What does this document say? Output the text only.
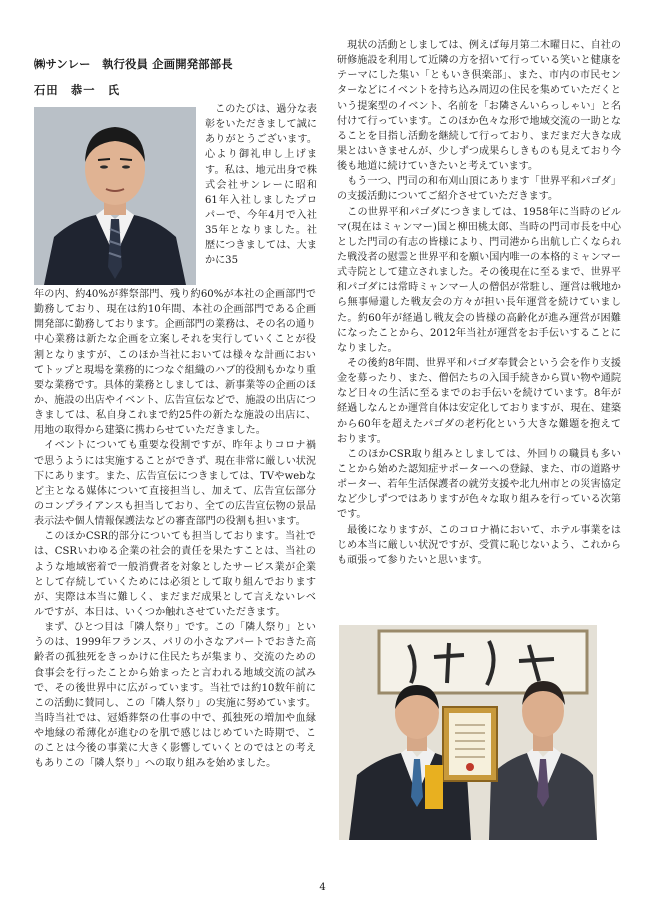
㈱サンレー　執行役員 企画開発部部長
石田　恭一　氏

このたびは、過分な表彰をいただきまして誠にありがとうございます。心より御礼申し上げます。私は、地元出身で株式会社サンレーに昭和61年入社しましたプロパーで、今年4月で入社35年となりました。社歴につきましては、大まかに35

年の内、約40%が葬祭部門、残り約60%が本社の企画部門で勤務しており、現在は約10年間、本社の企画部門である企画開発部に勤務しております。企画部門の業務は、その名の通り中心業務は新たな企画を立案しそれを実行していくことが役割となりますが、このほか当社においては様々な計画においてトップと現場を業務的につなぐ組織のハブ的役割もかなり重要な業務です。具体的業務としましては、新事業等の企画のほか、施設の出店やイベント、広告宣伝などで、施設の出店につきましては、私自身これまで約25件の新たな施設の出店に、用地の取得から建築に携わらせていただきました。

イベントについても重要な役割ですが、昨年よりコロナ禍で思うようには実施することができず、現在非常に厳しい状況下にあります。また、広告宣伝につきましては、TVやwebなど主となる媒体について直接担当し、加えて、広告宣伝部分のコンプライアンスも担当しており、全ての広告宣伝物の景品表示法や個人情報保護法などの審査部門の役割も担います。

このほかCSR的部分についても担当しております。当社では、CSRいわゆる企業の社会的責任を果たすことは、当社のような地域密着で一般消費者を対象としたサービス業が企業として存続していくためには必須として取り組んでおりますが、実際は本当に難しく、まだまだ成果として言えないレベルですが、本日は、いくつか触れさせていただきます。

まず、ひとつ目は「隣人祭り」です。この「隣人祭り」というのは、1999年フランス、パリの小さなアパートでおきた高齢者の孤独死をきっかけに住民たちが集まり、交流のための食事会を行ったことから始まったと言われる地域交流の試みで、その後世界中に広がっています。当社では約10数年前にこの活動に賛同し、この「隣人祭り」の実施に努めています。当時当社では、冠婚葬祭の仕事の中で、孤独死の増加や血縁や地縁の希薄化が進むのを肌で感じはじめていた時期で、このことは今後の事業に大きく影響していくとのではとの考えもありこの「隣人祭り」への取り組みを始めました。

現状の活動としましては、例えば毎月第二木曜日に、自社の研修施設を利用して近隣の方を招いて行っている笑いと健康をテーマにした集い「ともいき倶楽部」、また、市内の市民センターなどにイベントを持ち込み周辺の住民を集めていただくという提案型のイベント、名前を「お隣さんいらっしゃい」と名付けて行っています。このほか色々な形で地域交流の一助となることを目指し活動を継続して行っており、まだまだ大きな成果とはいきませんが、少しずつ成果らしきものも見えており今後も地道に続けていきたいと考えています。

もう一つ、門司の和布刈山頂にあります「世界平和パゴダ」の支援活動についてご紹介させていただきます。

この世界平和パゴダにつきましては、1958年に当時のビルマ(現在はミャンマー)国と柳田桃太郎、当時の門司市長を中心とした門司の有志の皆様により、門司港から出航し亡くなられた戦没者の慰霊と世界平和を願い国内唯一の本格的ミャンマー式寺院として建立されました。その後現在に至るまで、世界平和パゴダには常時ミャンマー人の僧侶が常駐し、運営は戦地から無事帰還した戦友会の方々が担い長年運営を続けていました。約60年が経過し戦友会の皆様の高齢化が進み運営が困難になったことから、2012年当社が運営をお手伝いすることになりました。

その後約8年間、世界平和パゴダ奉賛会という会を作り支援金を募ったり、また、僧侶たちの入国手続きから買い物や通院など日々の生活に至るまでのお手伝いを続けています。8年が経過しなんとか運営自体は安定化しておりますが、現在、建築から60年を超えたパゴダの老朽化という大きな難題を抱えております。

このほかCSR取り組みとしましては、外回りの職員も多いことから始めた認知症サポーターへの登録、また、市の道路サポーター、若年生活保護者の就労支援や北九州市との災害協定など少しずつではありますが色々な取り組みを行っている次第です。

最後になりますが、このコロナ禍において、ホテル事業をはじめ本当に厳しい状況ですが、受賞に恥じないよう、これからも頑張って参りたいと思います。

4
